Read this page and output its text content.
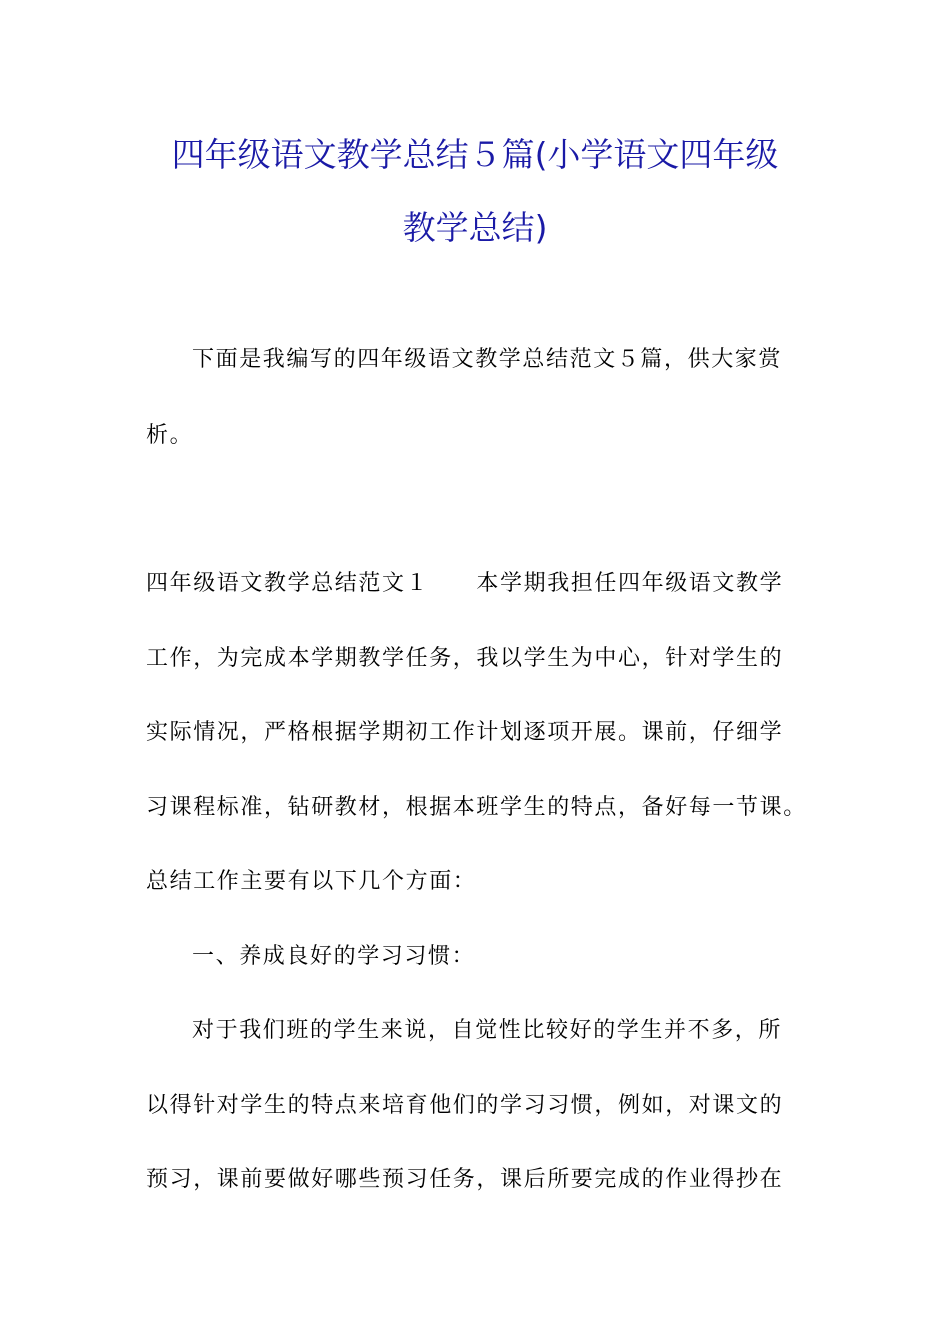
四年级语文教学总结５篇(小学语文四年级
教学总结)

下面是我编写的四年级语文教学总结范文５篇，供大家赏

析。

四年级语文教学总结范文１　　本学期我担任四年级语文教学

工作，为完成本学期教学任务，我以学生为中心，针对学生的

实际情况，严格根据学期初工作计划逐项开展。课前，仔细学

习课程标准，钻研教材，根据本班学生的特点，备好每一节课。

总结工作主要有以下几个方面：

一、养成良好的学习习惯：

对于我们班的学生来说，自觉性比较好的学生并不多，所

以得针对学生的特点来培育他们的学习习惯，例如，对课文的

预习，课前要做好哪些预习任务，课后所要完成的作业得抄在
